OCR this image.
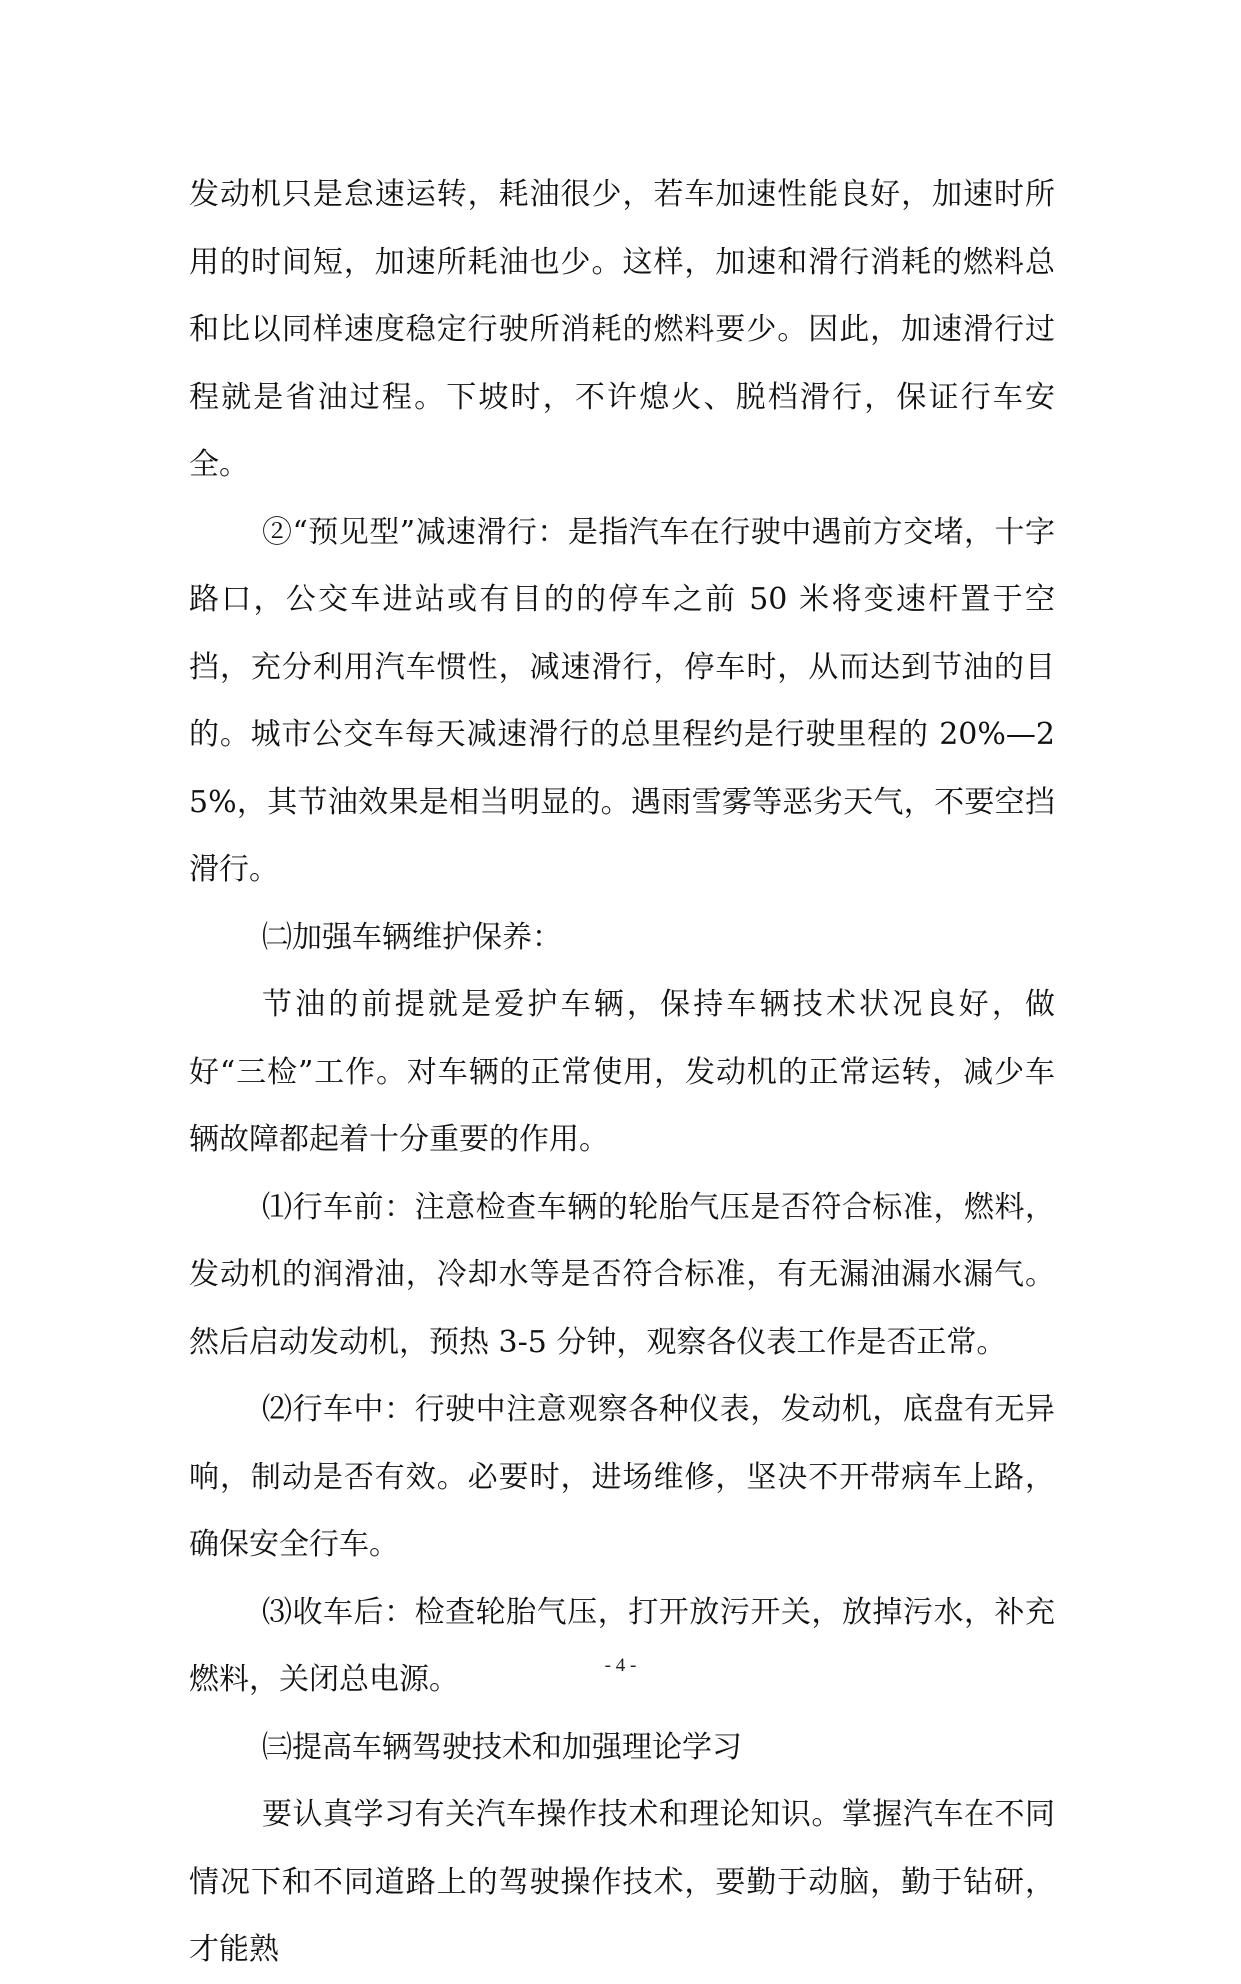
发动机只是怠速运转，耗油很少，若车加速性能良好，加速时所用的时间短，加速所耗油也少。这样，加速和滑行消耗的燃料总和比以同样速度稳定行驶所消耗的燃料要少。因此，加速滑行过程就是省油过程。下坡时，不许熄火、脱档滑行，保证行车安全。

②“预见型”减速滑行：是指汽车在行驶中遇前方交堵，十字路口，公交车进站或有目的的停车之前 50 米将变速杆置于空挡，充分利用汽车惯性，减速滑行，停车时，从而达到节油的目的。城市公交车每天减速滑行的总里程约是行驶里程的 20%—25%，其节油效果是相当明显的。遇雨雪雾等恶劣天气，不要空挡滑行。

㈡加强车辆维护保养：

节油的前提就是爱护车辆，保持车辆技术状况良好，做好“三检”工作。对车辆的正常使用，发动机的正常运转，减少车辆故障都起着十分重要的作用。

⑴行车前：注意检查车辆的轮胎气压是否符合标准，燃料，发动机的润滑油，冷却水等是否符合标准，有无漏油漏水漏气。然后启动发动机，预热 3-5 分钟，观察各仪表工作是否正常。

⑵行车中：行驶中注意观察各种仪表，发动机，底盘有无异响，制动是否有效。必要时，进场维修，坚决不开带病车上路，确保安全行车。

⑶收车后：检查轮胎气压，打开放污开关，放掉污水，补充燃料，关闭总电源。

㈢提高车辆驾驶技术和加强理论学习

要认真学习有关汽车操作技术和理论知识。掌握汽车在不同情况下和不同道路上的驾驶操作技术，要勤于动脑，勤于钻研，才能熟

- 4 -
